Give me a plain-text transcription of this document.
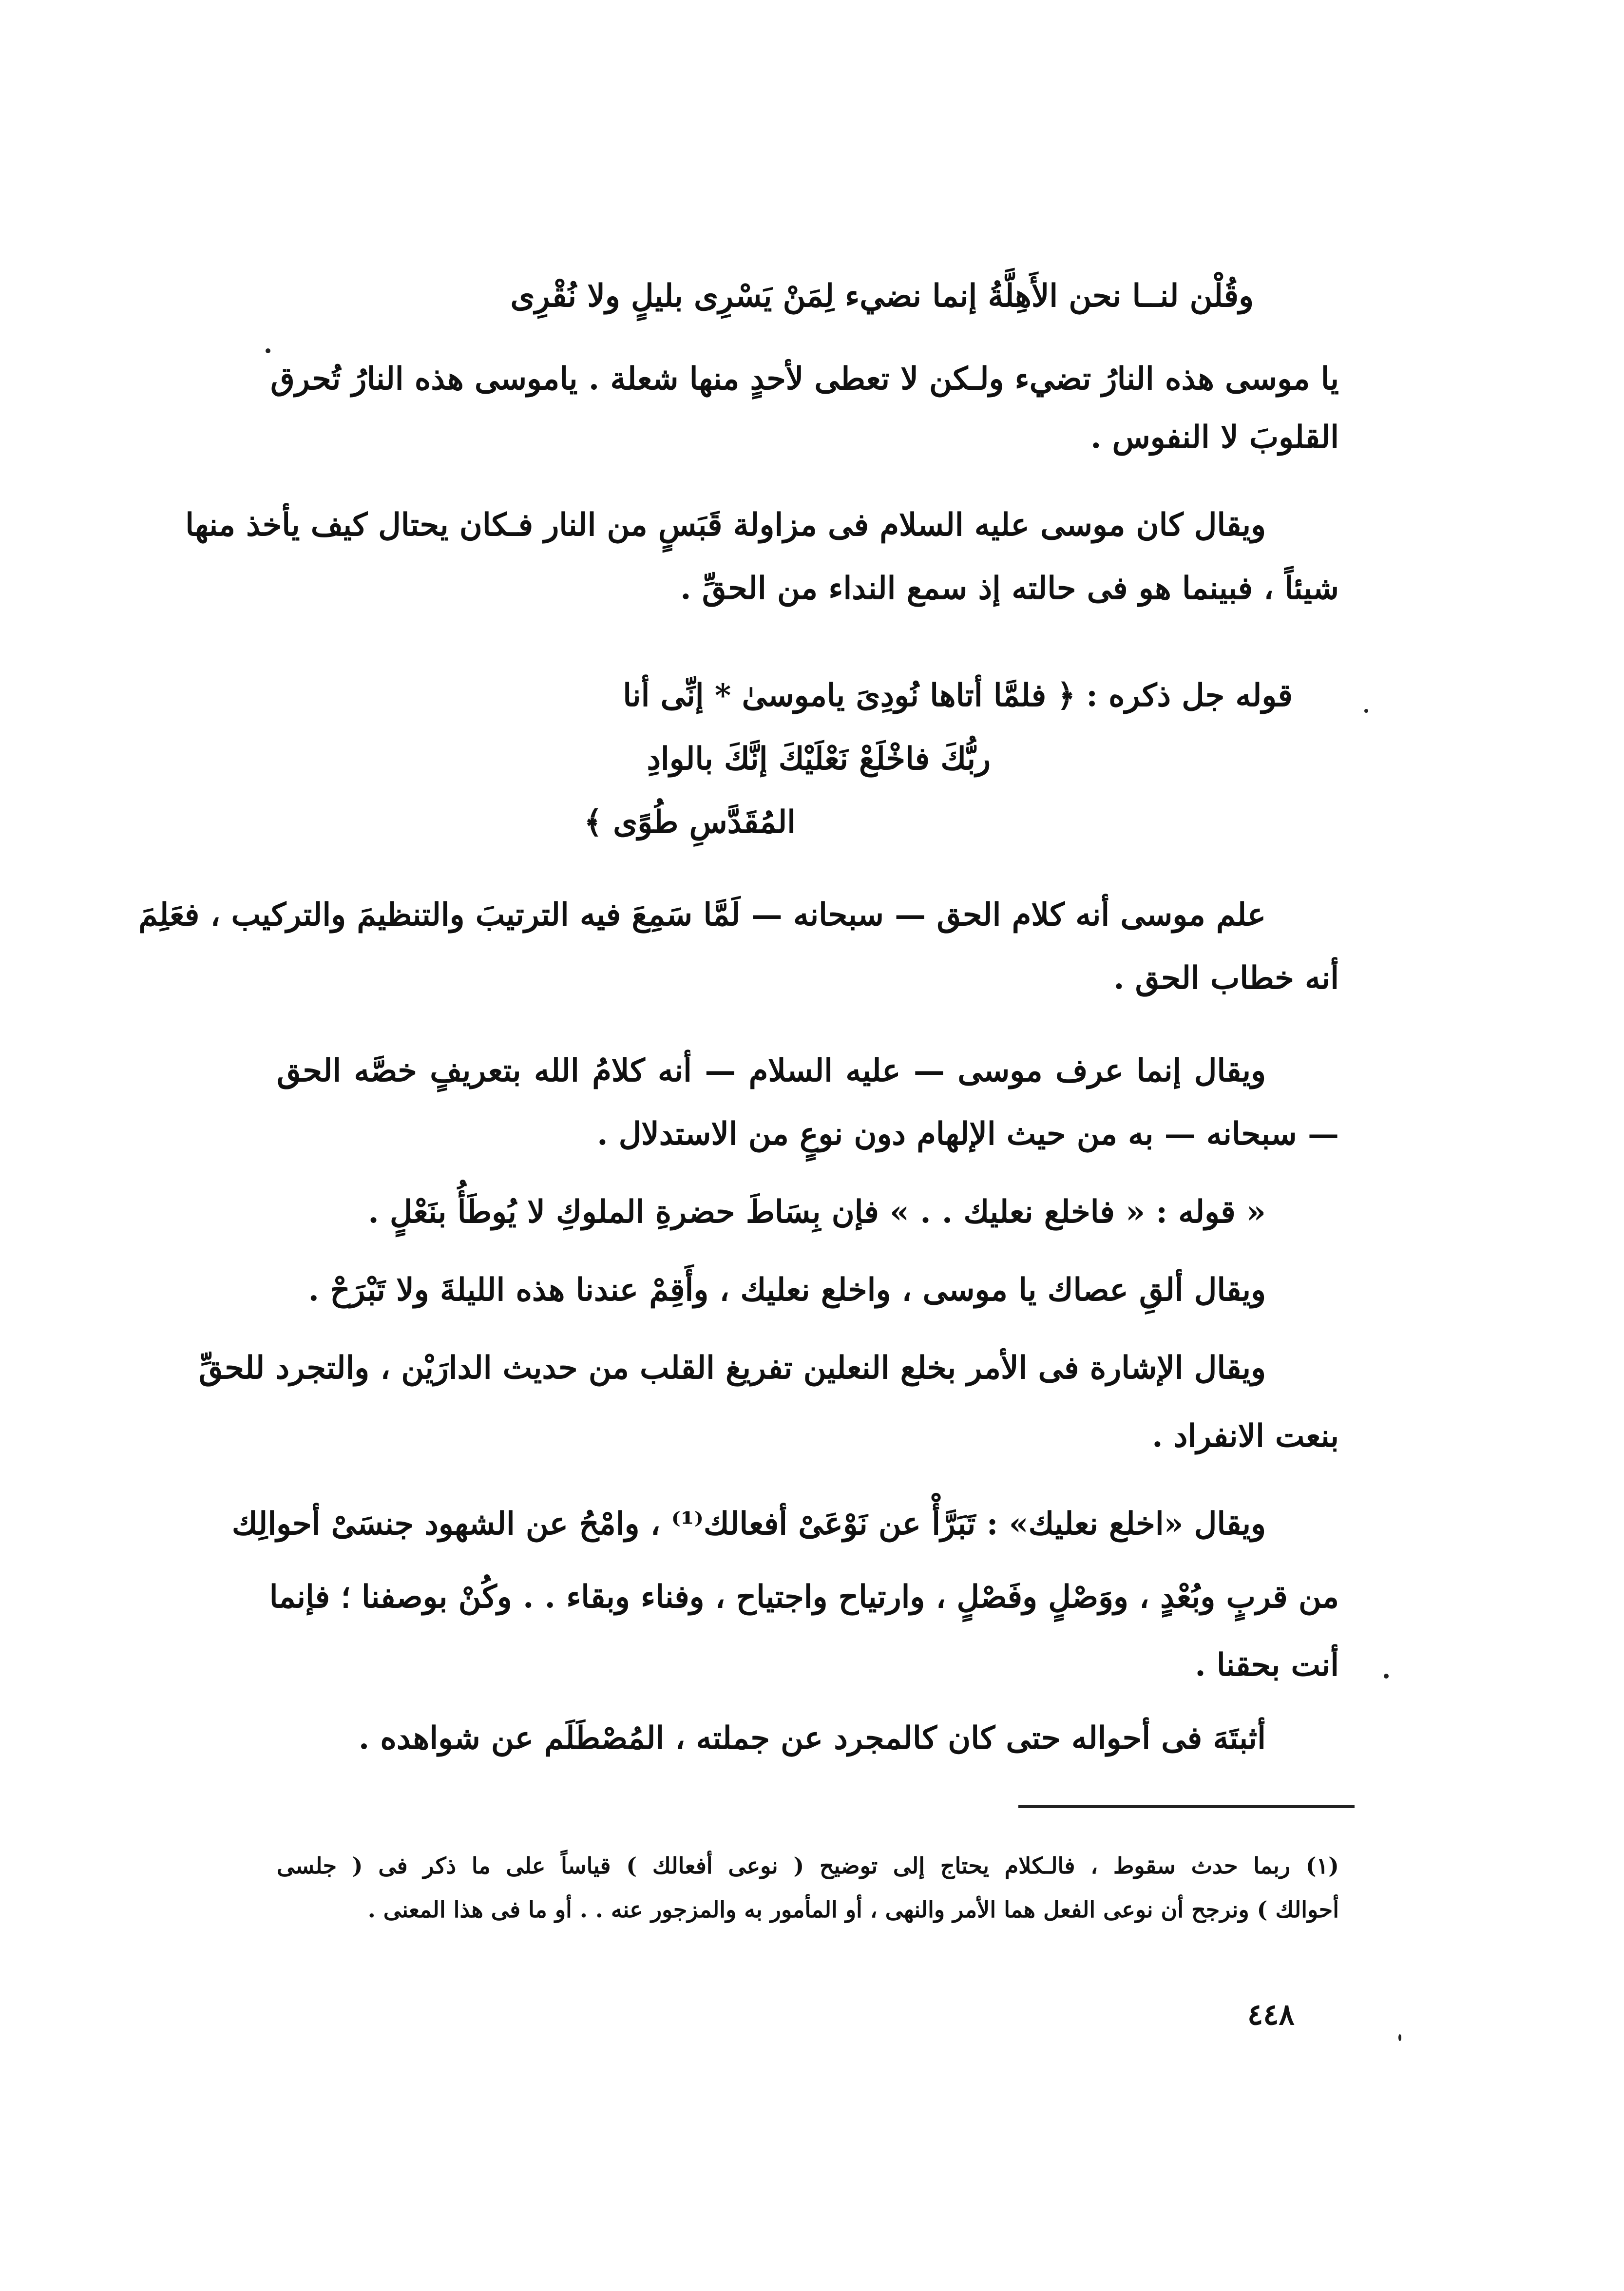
وقُلْن لنــا نحن الأَهِلَّةُ إنما نضيء لِمَنْ يَسْرِى بليلٍ ولا نُقْرِى
يا موسى هذه النارُ تضيء ولـكن لا تعطى لأحدٍ منها شعلة . ياموسى هذه النارُ تُحرق
القلوبَ لا النفوس .
ويقال كان موسى عليه السلام فى مزاولة قَبَسٍ من النار فـكان يحتال كيف يأخذ منها
شيئاً ، فبينما هو فى حالته إذ سمع النداء من الحقِّ .
قوله جل ذكره : ﴿ فلمَّا أتاها نُودِىَ ياموسىٰ * إنِّى أنا
ربُّكَ فاخْلَعْ نَعْلَيْكَ إنَّكَ بالوادِ
المُقَدَّسِ طُوًى ﴾
علم موسى أنه كلام الحق — سبحانه — لَمَّا سَمِعَ فيه الترتيبَ والتنظيمَ والتركيب ، فعَلِمَ
أنه خطاب الحق .
ويقال إنما عرف موسى — عليه السلام — أنه كلامُ الله بتعريفٍ خصَّه الحق
— سبحانه — به من حيث الإلهام دون نوعٍ من الاستدلال .
« قوله : « فاخلع نعليك . . » فإن بِسَاطَ حضرةِ الملوكِ لا يُوطَأُ بنَعْلٍ .
ويقال ألقِ عصاك يا موسى ، واخلع نعليك ، وأَقِمْ عندنا هذه الليلةَ ولا تَبْرَحْ .
ويقال الإشارة فى الأمر بخلع النعلين تفريغ القلب من حديث الدارَيْن ، والتجرد للحقِّ
بنعت الانفراد .
ويقال «اخلع نعليك» : تَبَرَّأْ عن نَوْعَىْ أفعالك⁽¹⁾ ، وامْحُ عن الشهود جنسَىْ أحوالِك
من قربٍ وبُعْدٍ ، ووَصْلٍ وفَصْلٍ ، وارتياح واجتياح ، وفناء وبقاء . . وكُنْ بوصفنا ؛ فإنما
أنت بحقنا .
أثبتَهَ فى أحواله حتى كان كالمجرد عن جملته ، المُصْطَلَم عن شواهده .
(١) ربما حدث سقوط ، فالـكلام يحتاج إلى توضيح ( نوعى أفعالك ) قياساً على ما ذكر فى ( جلسى
أحوالك ) ونرجح أن نوعى الفعل هما الأمر والنهى ، أو المأمور به والمزجور عنه . . أو ما فى هذا المعنى .
٤٤٨
